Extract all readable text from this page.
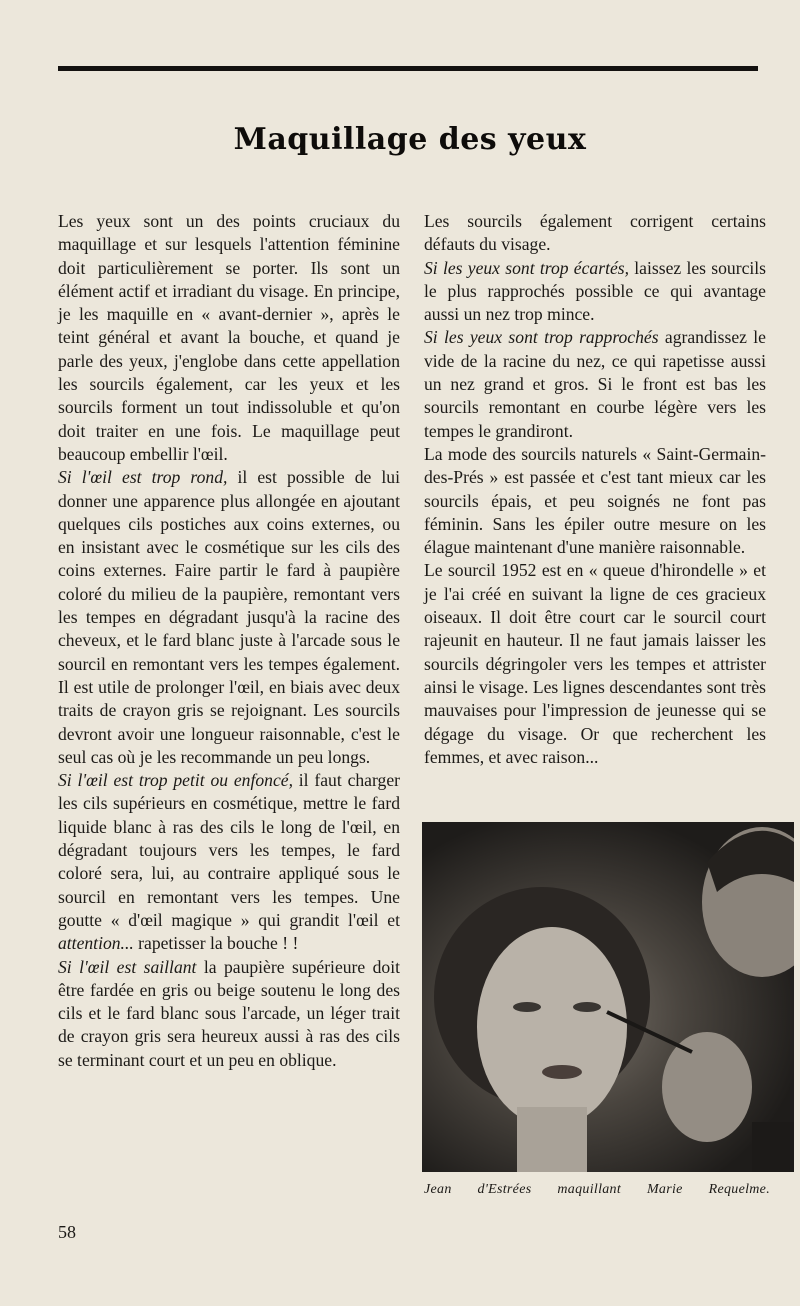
Maquillage des yeux

Les yeux sont un des points cruciaux du maquillage et sur lesquels l'attention féminine doit particulièrement se porter. Ils sont un élément actif et irradiant du visage. En principe, je les maquille en « avant-dernier », après le teint général et avant la bouche, et quand je parle des yeux, j'englobe dans cette appellation les sourcils également, car les yeux et les sourcils forment un tout indissoluble et qu'on doit traiter en une fois. Le maquillage peut beaucoup embellir l'œil.

Si l'œil est trop rond, il est possible de lui donner une apparence plus allongée en ajoutant quelques cils postiches aux coins externes, ou en insistant avec le cosmétique sur les cils des coins externes. Faire partir le fard à paupière coloré du milieu de la paupière, remontant vers les tempes en dégradant jusqu'à la racine des cheveux, et le fard blanc juste à l'arcade sous le sourcil en remontant vers les tempes également. Il est utile de prolonger l'œil, en biais avec deux traits de crayon gris se rejoignant. Les sourcils devront avoir une longueur raisonnable, c'est le seul cas où je les recommande un peu longs.

Si l'œil est trop petit ou enfoncé, il faut charger les cils supérieurs en cosmétique, mettre le fard liquide blanc à ras des cils le long de l'œil, en dégradant toujours vers les tempes, le fard coloré sera, lui, au contraire appliqué sous le sourcil en remontant vers les tempes. Une goutte « d'œil magique » qui grandit l'œil et attention... rapetisser la bouche ! !

Si l'œil est saillant la paupière supérieure doit être fardée en gris ou beige soutenu le long des cils et le fard blanc sous l'arcade, un léger trait de crayon gris sera heureux aussi à ras des cils se terminant court et un peu en oblique.

Les sourcils également corrigent certains défauts du visage.

Si les yeux sont trop écartés, laissez les sourcils le plus rapprochés possible ce qui avantage aussi un nez trop mince.

Si les yeux sont trop rapprochés agrandissez le vide de la racine du nez, ce qui rapetisse aussi un nez grand et gros. Si le front est bas les sourcils remontant en courbe légère vers les tempes le grandiront.

La mode des sourcils naturels « Saint-Germain-des-Prés » est passée et c'est tant mieux car les sourcils épais, et peu soignés ne font pas féminin. Sans les épiler outre mesure on les élague maintenant d'une manière raisonnable.

Le sourcil 1952 est en « queue d'hirondelle » et je l'ai créé en suivant la ligne de ces gracieux oiseaux. Il doit être court car le sourcil court rajeunit en hauteur. Il ne faut jamais laisser les sourcils dégringoler vers les tempes et attrister ainsi le visage. Les lignes descendantes sont très mauvaises pour l'impression de jeunesse qui se dégage du visage. Or que recherchent les femmes, et avec raison...

Jean d'Estrées maquillant Marie Requelme.
58
